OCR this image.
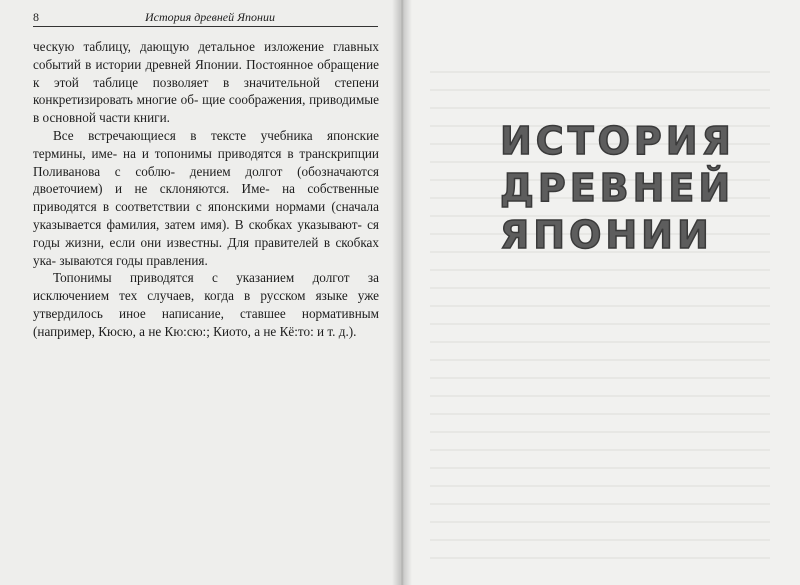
8	История древней Японии

ческую таблицу, дающую детальное изложение главных событий в истории древней Японии. Постоянное обращение к этой таблице позволяет в значительной степени конкретизировать многие об- щие соображения, приводимые в основной части книги.

Все встречающиеся в тексте учебника японские термины, име- на и топонимы приводятся в транскрипции Поливанова с соблю- дением долгот (обозначаются двоеточием) и не склоняются. Име- на собственные приводятся в соответствии с японскими нормами (сначала указывается фамилия, затем имя). В скобках указывают- ся годы жизни, если они известны. Для правителей в скобках ука- зываются годы правления.

Топонимы приводятся с указанием долгот за исключением тех случаев, когда в русском языке уже утвердилось иное написание, ставшее нормативным (например, Кюсю, а не Кю:сю:; Киото, а не Кё:то: и т. д.).

ИСТОРИЯ
ДРЕВНЕЙ
ЯПОНИИ
